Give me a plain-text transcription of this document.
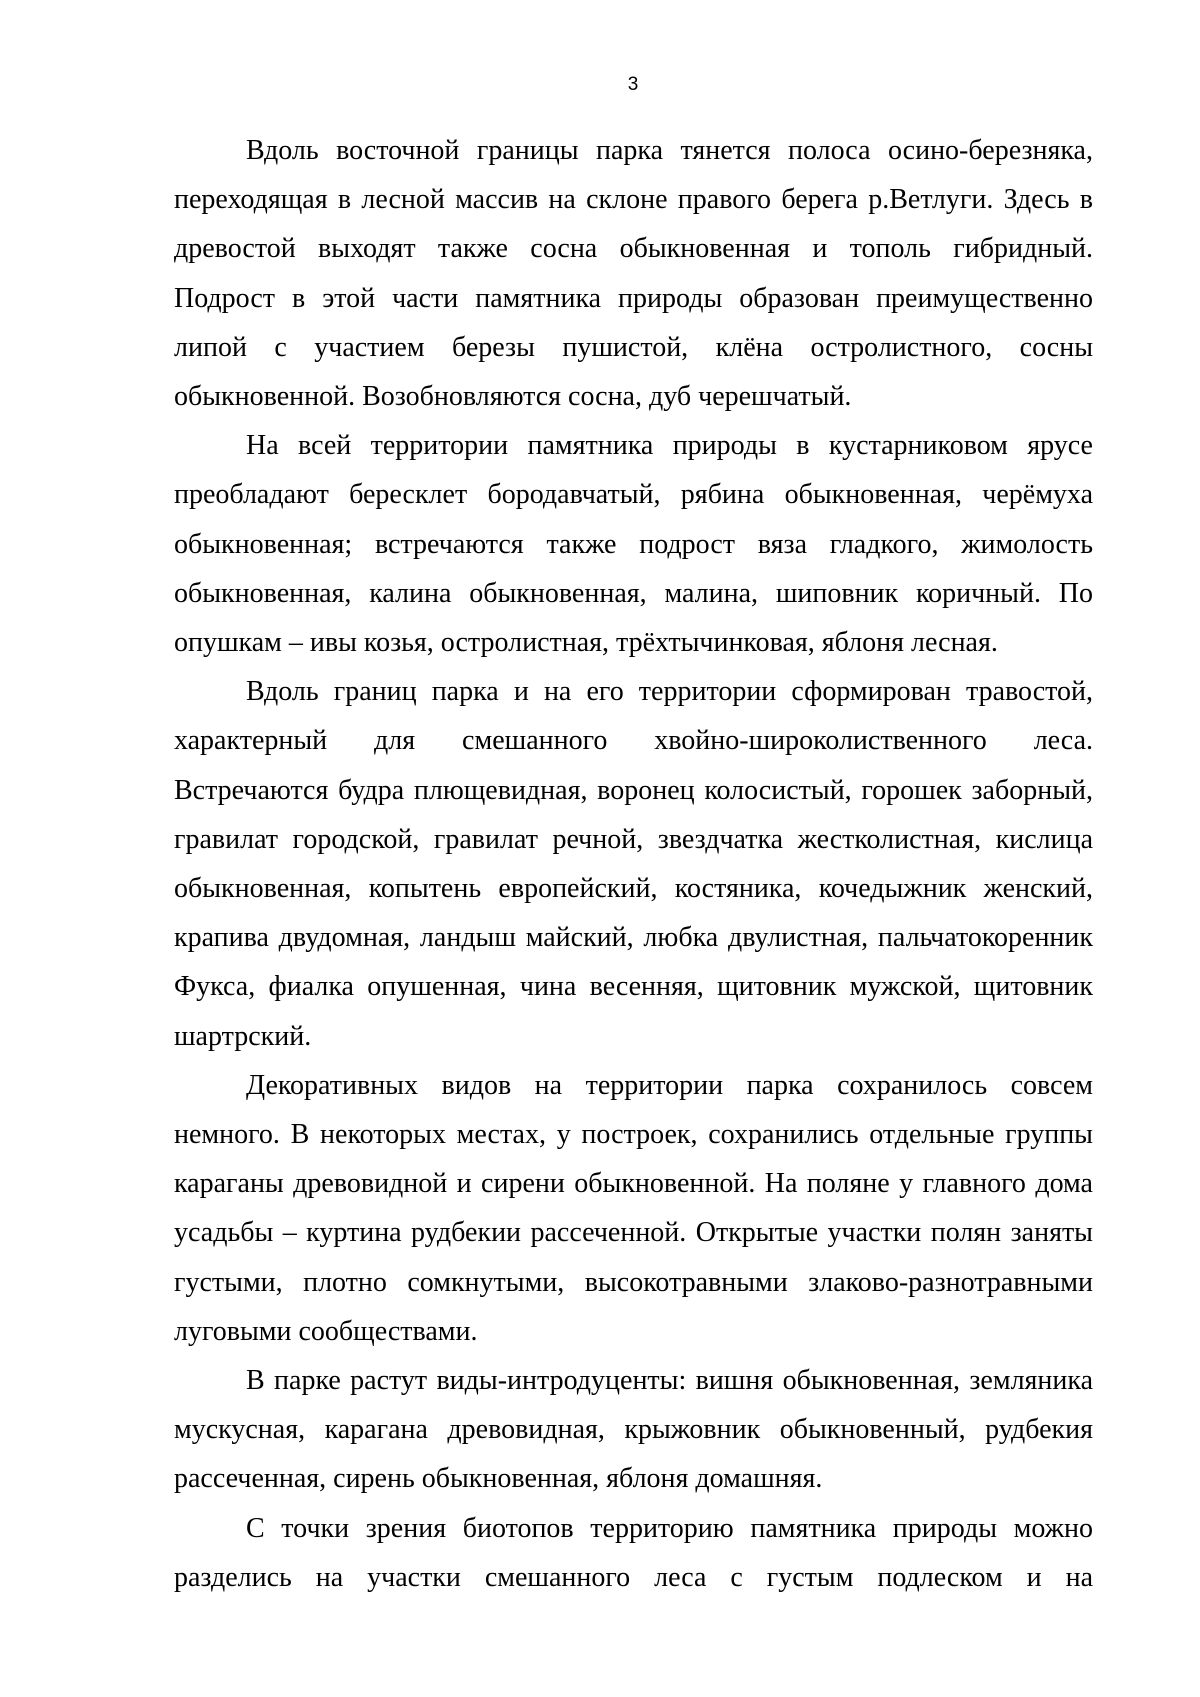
3

Вдоль восточной границы парка тянется полоса осино-березняка, переходящая в лесной массив на склоне правого берега р.Ветлуги. Здесь в древостой выходят также сосна обыкновенная и тополь гибридный. Подрост в этой части памятника природы образован преимущественно липой с участием березы пушистой, клёна остролистного, сосны обыкновенной. Возобновляются сосна, дуб черешчатый.

На всей территории памятника природы в кустарниковом ярусе преобладают бересклет бородавчатый, рябина обыкновенная, черёмуха обыкновенная; встречаются также подрост вяза гладкого, жимолость обыкновенная, калина обыкновенная, малина, шиповник коричный. По опушкам – ивы козья, остролистная, трёхтычинковая, яблоня лесная.

Вдоль границ парка и на его территории сформирован травостой, характерный для смешанного хвойно-широколиственного леса. Встречаются будра плющевидная, воронец колосистый, горошек заборный, гравилат городской, гравилат речной, звездчатка жестколистная, кислица обыкновенная, копытень европейский, костяника, кочедыжник женский, крапива двудомная, ландыш майский, любка двулистная, пальчатокоренник Фукса, фиалка опушенная, чина весенняя, щитовник мужской, щитовник шартрский.

Декоративных видов на территории парка сохранилось совсем немного. В некоторых местах, у построек, сохранились отдельные группы караганы древовидной и сирени обыкновенной. На поляне у главного дома усадьбы – куртина рудбекии рассеченной. Открытые участки полян заняты густыми, плотно сомкнутыми, высокотравными злаково-разнотравными луговыми сообществами.

В парке растут виды-интродуценты: вишня обыкновенная, земляника мускусная, карагана древовидная, крыжовник обыкновенный, рудбекия рассеченная, сирень обыкновенная, яблоня домашняя.

С точки зрения биотопов территорию памятника природы можно разделись на участки смешанного леса с густым подлеском и на
